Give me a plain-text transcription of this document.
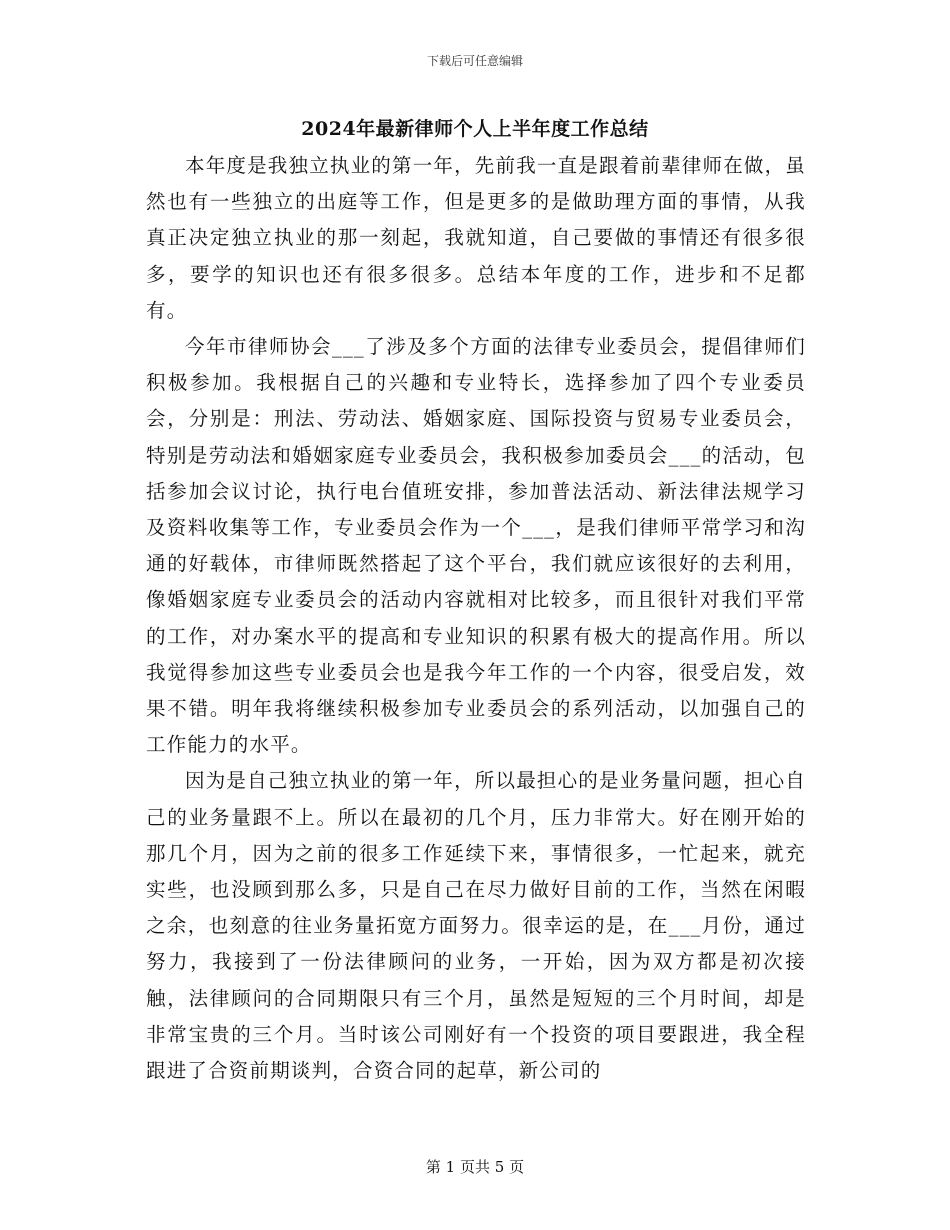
下载后可任意编辑
2024年最新律师个人上半年度工作总结

本年度是我独立执业的第一年，先前我一直是跟着前辈律师在做，虽然也有一些独立的出庭等工作，但是更多的是做助理方面的事情，从我真正决定独立执业的那一刻起，我就知道，自己要做的事情还有很多很多，要学的知识也还有很多很多。总结本年度的工作，进步和不足都有。

今年市律师协会___了涉及多个方面的法律专业委员会，提倡律师们积极参加。我根据自己的兴趣和专业特长，选择参加了四个专业委员会，分别是：刑法、劳动法、婚姻家庭、国际投资与贸易专业委员会，特别是劳动法和婚姻家庭专业委员会，我积极参加委员会___的活动，包括参加会议讨论，执行电台值班安排，参加普法活动、新法律法规学习及资料收集等工作，专业委员会作为一个___，是我们律师平常学习和沟通的好载体，市律师既然搭起了这个平台，我们就应该很好的去利用，像婚姻家庭专业委员会的活动内容就相对比较多，而且很针对我们平常的工作，对办案水平的提高和专业知识的积累有极大的提高作用。所以我觉得参加这些专业委员会也是我今年工作的一个内容，很受启发，效果不错。明年我将继续积极参加专业委员会的系列活动，以加强自己的工作能力的水平。

因为是自己独立执业的第一年，所以最担心的是业务量问题，担心自己的业务量跟不上。所以在最初的几个月，压力非常大。好在刚开始的那几个月，因为之前的很多工作延续下来，事情很多，一忙起来，就充实些，也没顾到那么多，只是自己在尽力做好目前的工作，当然在闲暇之余，也刻意的往业务量拓宽方面努力。很幸运的是，在___月份，通过努力，我接到了一份法律顾问的业务，一开始，因为双方都是初次接触，法律顾问的合同期限只有三个月，虽然是短短的三个月时间，却是非常宝贵的三个月。当时该公司刚好有一个投资的项目要跟进，我全程跟进了合资前期谈判，合资合同的起草，新公司的

第 1 页共 5 页
